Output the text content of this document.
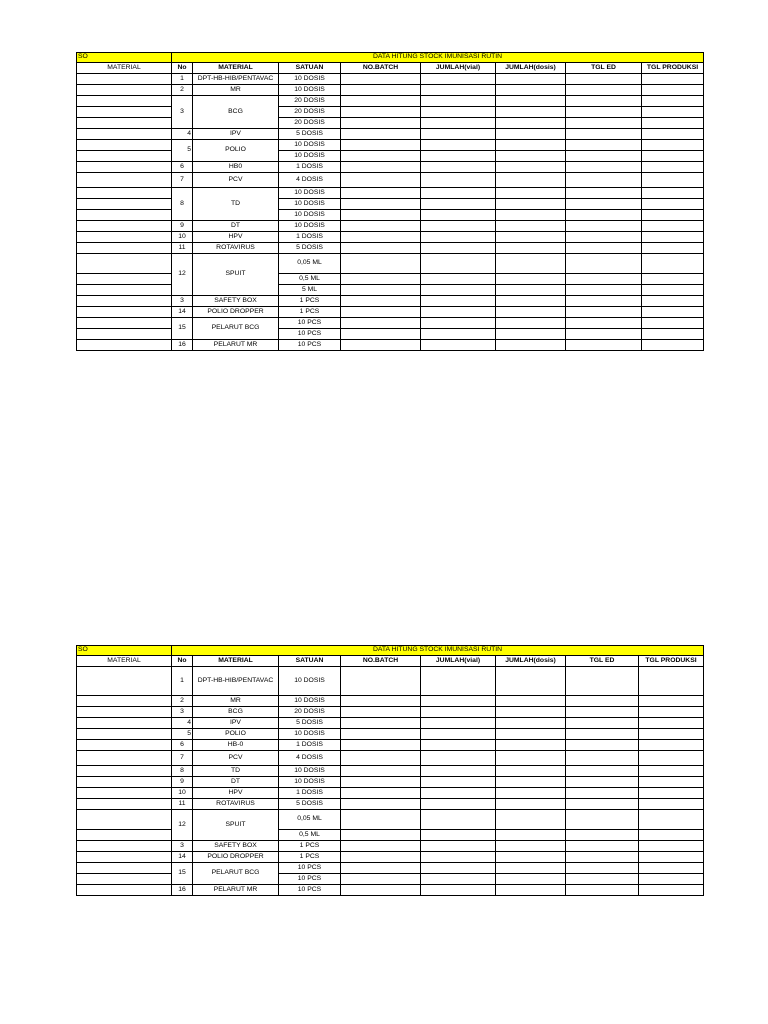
SO	DATA HITUNG STOCK IMUNISASI RUTIN							
MATERIAL	No	MATERIAL	SATUAN	NO.BATCH	JUMLAH(vial)	JUMLAH(dosis)	TGL ED	TGL PRODUKSI
	1	DPT-HB-HIB/PENTAVAC	10 DOSIS					
	2	MR	10 DOSIS					
	3	BCG	20 DOSIS					
			20 DOSIS					
			20 DOSIS					
	4	IPV	5 DOSIS					
	5	POLIO	10 DOSIS					
			10 DOSIS					
	6	HB0	1 DOSIS					
	7	PCV	4 DOSIS					
	8	TD	10 DOSIS					
			10 DOSIS					
			10 DOSIS					
	9	DT	10 DOSIS					
	10	HPV	1 DOSIS					
	11	ROTAVIRUS	5 DOSIS					
	12	SPUIT	0,05 ML					
			0,5 ML					
			5 ML					
	3	SAFETY BOX	1 PCS					
	14	POLIO DROPPER	1 PCS					
	15	PELARUT BCG	10 PCS					
			10 PCS					
	16	PELARUT MR	10 PCS					
SO	DATA HITUNG STOCK IMUNISASI RUTIN							
MATERIAL	No	MATERIAL	SATUAN	NO.BATCH	JUMLAH(vial)	JUMLAH(dosis)	TGL ED	TGL PRODUKSI
	1	DPT-HB-HIB/PENTAVAC	10 DOSIS					
	2	MR	10 DOSIS					
	3	BCG	20 DOSIS					
	4	IPV	5 DOSIS					
	5	POLIO	10 DOSIS					
	6	HB-0	1 DOSIS					
	7	PCV	4 DOSIS					
	8	TD	10 DOSIS					
	9	DT	10 DOSIS					
	10	HPV	1 DOSIS					
	11	ROTAVIRUS	5 DOSIS					
	12	SPUIT	0,05 ML					
			0,5 ML					
	3	SAFETY BOX	1 PCS					
	14	POLIO DROPPER	1 PCS					
	15	PELARUT BCG	10 PCS					
			10 PCS					
	16	PELARUT MR	10 PCS					
